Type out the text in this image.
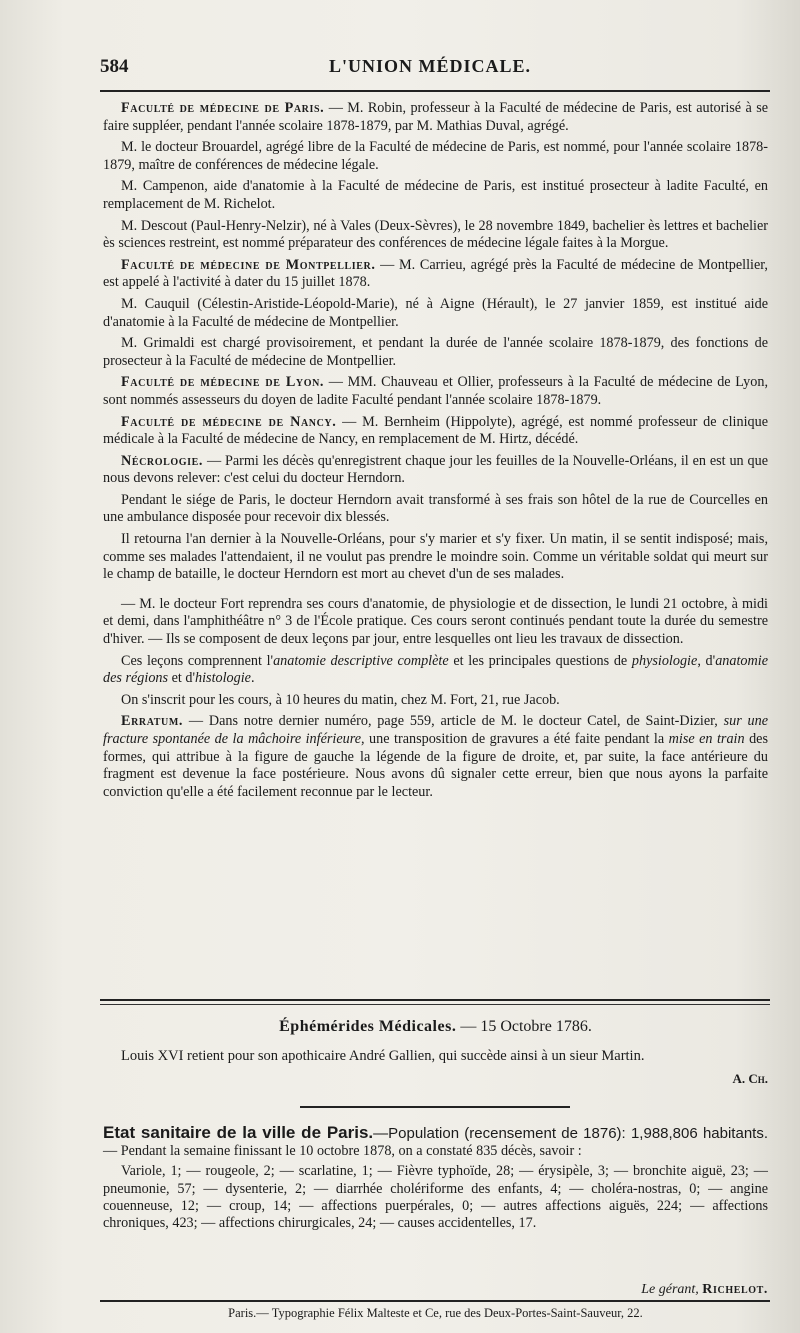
584	L'UNION MÉDICALE.

Faculté de médecine de Paris. — M. Robin, professeur à la Faculté de médecine de Paris, est autorisé à se faire suppléer, pendant l'année scolaire 1878-1879, par M. Mathias Duval, agrégé.

M. le docteur Brouardel, agrégé libre de la Faculté de médecine de Paris, est nommé, pour l'année scolaire 1878-1879, maître de conférences de médecine légale.

M. Campenon, aide d'anatomie à la Faculté de médecine de Paris, est institué prosecteur à ladite Faculté, en remplacement de M. Richelot.

M. Descout (Paul-Henry-Nelzir), né à Vales (Deux-Sèvres), le 28 novembre 1849, bachelier ès lettres et bachelier ès sciences restreint, est nommé préparateur des conférences de médecine légale faites à la Morgue.

Faculté de médecine de Montpellier. — M. Carrieu, agrégé près la Faculté de médecine de Montpellier, est appelé à l'activité à dater du 15 juillet 1878.

M. Cauquil (Célestin-Aristide-Léopold-Marie), né à Aigne (Hérault), le 27 janvier 1859, est institué aide d'anatomie à la Faculté de médecine de Montpellier.

M. Grimaldi est chargé provisoirement, et pendant la durée de l'année scolaire 1878-1879, des fonctions de prosecteur à la Faculté de médecine de Montpellier.

Faculté de médecine de Lyon. — MM. Chauveau et Ollier, professeurs à la Faculté de médecine de Lyon, sont nommés assesseurs du doyen de ladite Faculté pendant l'année scolaire 1878-1879.

Faculté de médecine de Nancy. — M. Bernheim (Hippolyte), agrégé, est nommé professeur de clinique médicale à la Faculté de médecine de Nancy, en remplacement de M. Hirtz, décédé.

Nécrologie. — Parmi les décès qu'enregistrent chaque jour les feuilles de la Nouvelle-Orléans, il en est un que nous devons relever: c'est celui du docteur Herndorn.

Pendant le siége de Paris, le docteur Herndorn avait transformé à ses frais son hôtel de la rue de Courcelles en une ambulance disposée pour recevoir dix blessés.

Il retourna l'an dernier à la Nouvelle-Orléans, pour s'y marier et s'y fixer. Un matin, il se sentit indisposé; mais, comme ses malades l'attendaient, il ne voulut pas prendre le moindre soin. Comme un véritable soldat qui meurt sur le champ de bataille, le docteur Herndorn est mort au chevet d'un de ses malades.

— M. le docteur Fort reprendra ses cours d'anatomie, de physiologie et de dissection, le lundi 21 octobre, à midi et demi, dans l'amphithéâtre n° 3 de l'École pratique. Ces cours seront continués pendant toute la durée du semestre d'hiver. — Ils se composent de deux leçons par jour, entre lesquelles ont lieu les travaux de dissection.

Ces leçons comprennent l'anatomie descriptive complète et les principales questions de physiologie, d'anatomie des régions et d'histologie.

On s'inscrit pour les cours, à 10 heures du matin, chez M. Fort, 21, rue Jacob.

Erratum. — Dans notre dernier numéro, page 559, article de M. le docteur Catel, de Saint-Dizier, sur une fracture spontanée de la mâchoire inférieure, une transposition de gravures a été faite pendant la mise en train des formes, qui attribue à la figure de gauche la légende de la figure de droite, et, par suite, la face antérieure du fragment est devenue la face postérieure. Nous avons dû signaler cette erreur, bien que nous ayons la parfaite conviction qu'elle a été facilement reconnue par le lecteur.

Éphémérides Médicales. — 15 Octobre 1786.
Louis XVI retient pour son apothicaire André Gallien, qui succède ainsi à un sieur Martin.
A. Ch.

Etat sanitaire de la ville de Paris.—Population (recensement de 1876): 1,988,806 habitants. — Pendant la semaine finissant le 10 octobre 1878, on a constaté 835 décès, savoir :

Variole, 1; — rougeole, 2; — scarlatine, 1; — Fièvre typhoïde, 28; — érysipèle, 3; — bronchite aiguë, 23; — pneumonie, 57; — dysenterie, 2; — diarrhée cholériforme des enfants, 4; — choléra-nostras, 0; — angine couenneuse, 12; — croup, 14; — affections puerpérales, 0; — autres affections aiguës, 224; — affections chroniques, 423; — affections chirurgicales, 24; — causes accidentelles, 17.

Le gérant, Richelot.
Paris.— Typographie Félix Malteste et Ce, rue des Deux-Portes-Saint-Sauveur, 22.
